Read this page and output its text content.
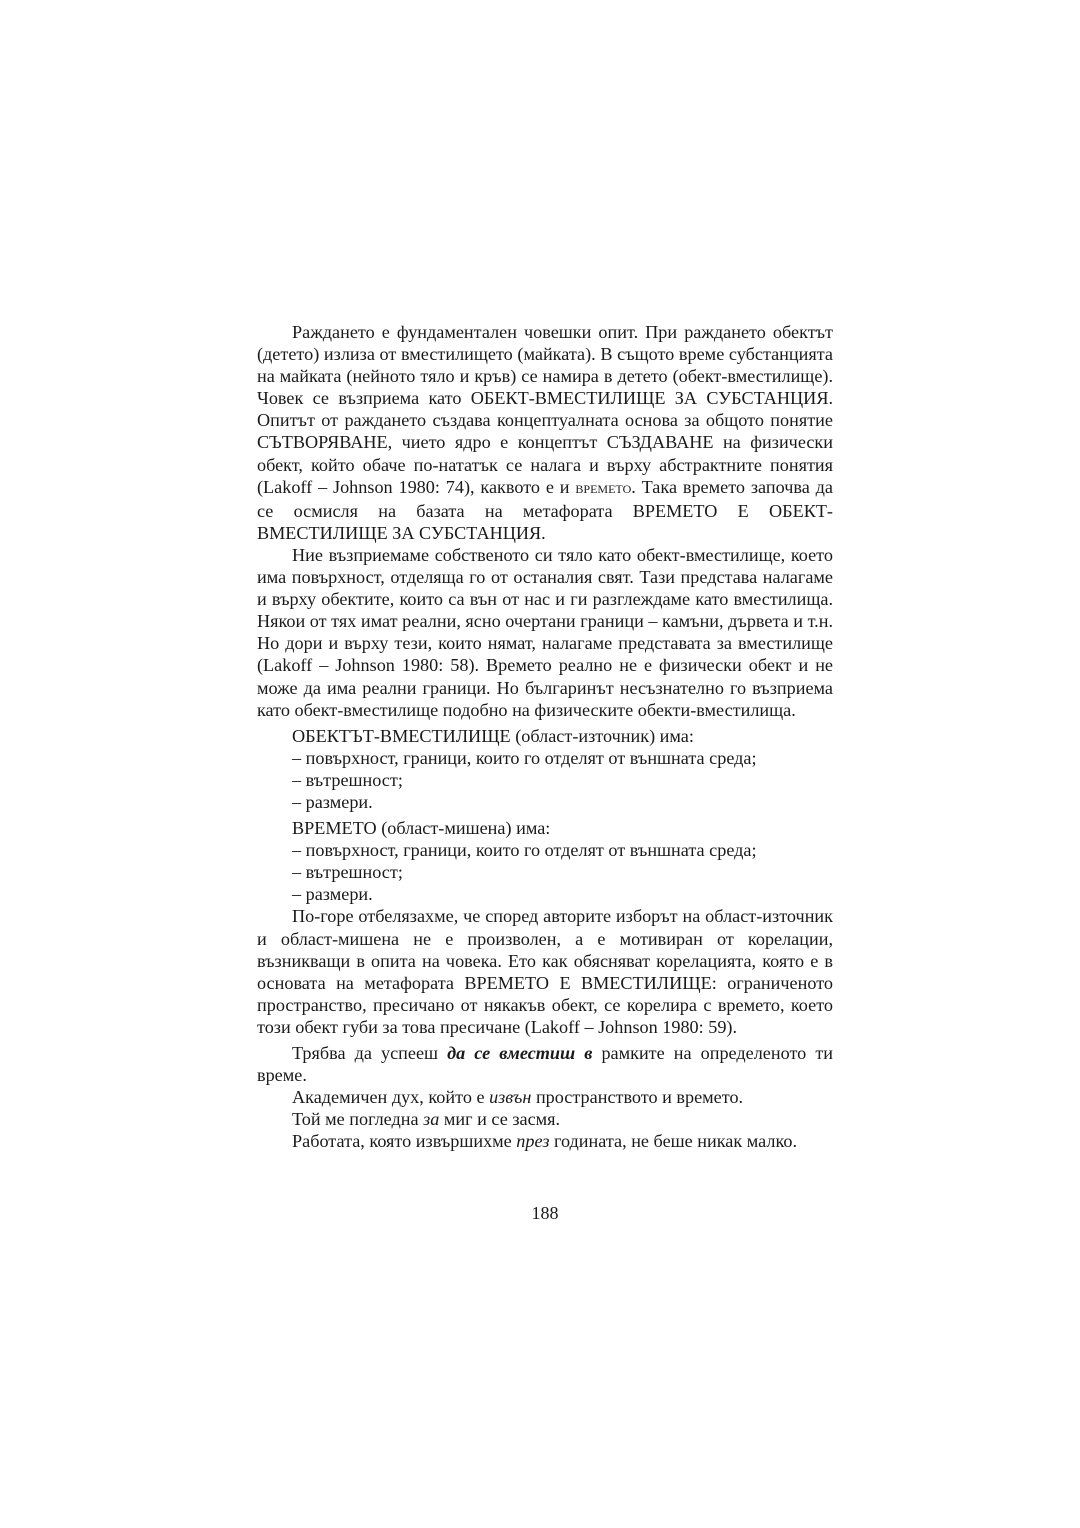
Раждането е фундаментален човешки опит. При раждането обектът (детето) излиза от вместилището (майката). В същото време субстанцията на майката (нейното тяло и кръв) се намира в детето (обект-вместилище). Човек се възприема като ОБЕКТ-ВМЕСТИЛИЩЕ ЗА СУБСТАНЦИЯ. Опитът от раждането създава концептуалната основа за общото понятие СЪТВОРЯВАНЕ, чието ядро е концептът СЪЗДАВАНЕ на физически обект, който обаче по-нататък се налага и върху абстрактните понятия (Lakoff – Johnson 1980: 74), каквото е и ВРЕМЕТО. Така времето започва да се осмисля на базата на метафората ВРЕМЕТО Е ОБЕКТ-ВМЕСТИЛИЩЕ ЗА СУБСТАНЦИЯ.

Ние възприемаме собственото си тяло като обект-вместилище, което има повърхност, отделяща го от останалия свят. Тази представа налагаме и върху обектите, които са вън от нас и ги разглеждаме като вместилища. Някои от тях имат реални, ясно очертани граници – камъни, дървета и т.н. Но дори и върху тези, които нямат, налагаме представата за вместилище (Lakoff – Johnson 1980: 58). Времето реално не е физически обект и не може да има реални граници. Но българинът несъзнателно го възприема като обект-вместилище подобно на физическите обекти-вместилища.

ОБЕКТЪТ-ВМЕСТИЛИЩЕ (област-източник) има:

– повърхност, граници, които го отделят от външната среда;
– вътрешност;
– размери.

ВРЕМЕТО (област-мишена) има:

– повърхност, граници, които го отделят от външната среда;
– вътрешност;
– размери.

По-горе отбелязахме, че според авторите изборът на област-източник и област-мишена не е произволен, а е мотивиран от корелации, възникващи в опита на човека. Ето как обясняват корелацията, която е в основата на метафората ВРЕМЕТО Е ВМЕСТИЛИЩЕ: ограниченото пространство, пресичано от някакъв обект, се корелира с времето, което този обект губи за това пресичане (Lakoff – Johnson 1980: 59).

Трябва да успееш да се вместиш в рамките на определеното ти време.

Академичен дух, който е извън пространството и времето.

Той ме погледна за миг и се засмя.

Работата, която извършихме през годината, не беше никак малко.

188
